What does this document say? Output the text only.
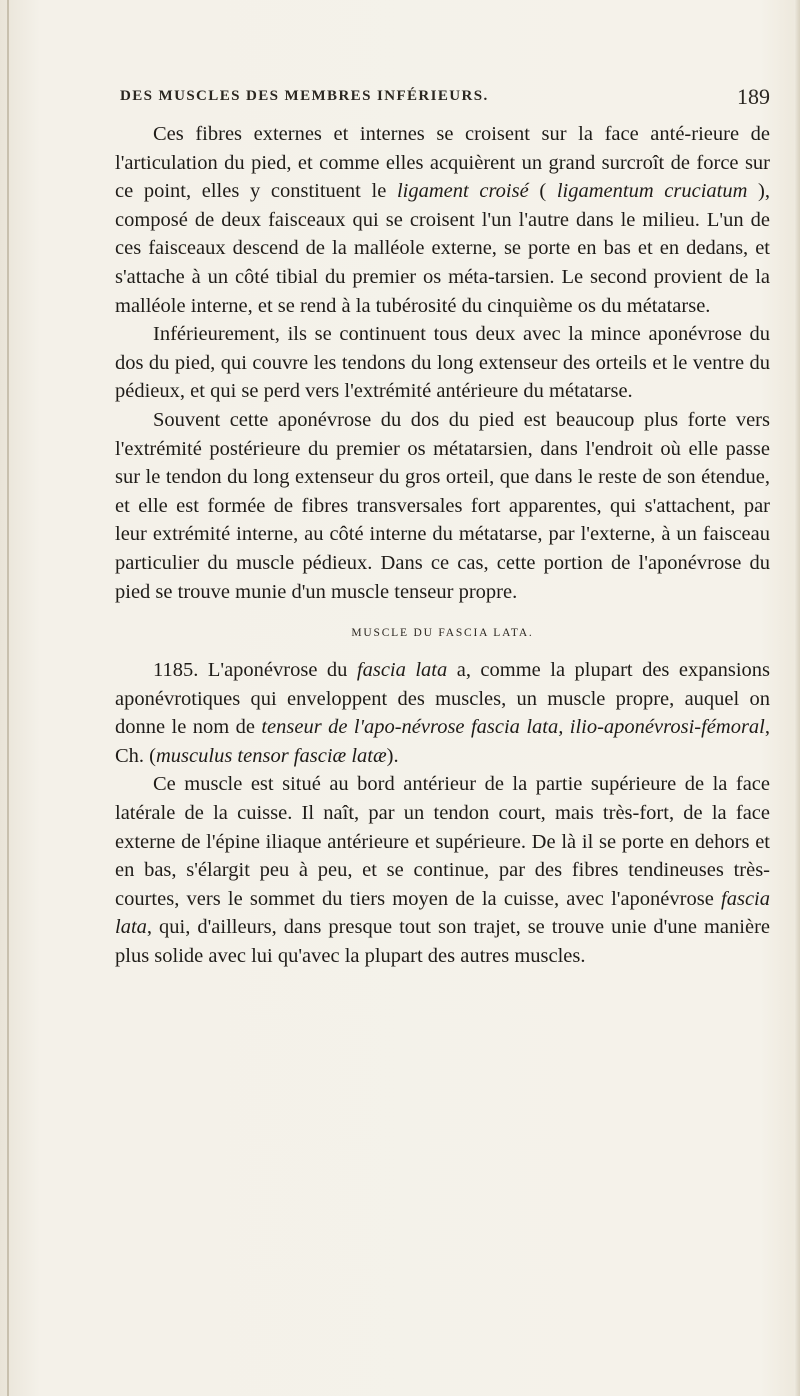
DES MUSCLES DES MEMBRES INFÉRIEURS.	189

Ces fibres externes et internes se croisent sur la face anté-rieure de l'articulation du pied, et comme elles acquièrent un grand surcroît de force sur ce point, elles y constituent le ligament croisé ( ligamentum cruciatum ), composé de deux faisceaux qui se croisent l'un l'autre dans le milieu. L'un de ces faisceaux descend de la malléole externe, se porte en bas et en dedans, et s'attache à un côté tibial du premier os méta-tarsien. Le second provient de la malléole interne, et se rend à la tubérosité du cinquième os du métatarse.

Inférieurement, ils se continuent tous deux avec la mince aponévrose du dos du pied, qui couvre les tendons du long extenseur des orteils et le ventre du pédieux, et qui se perd vers l'extrémité antérieure du métatarse.

Souvent cette aponévrose du dos du pied est beaucoup plus forte vers l'extrémité postérieure du premier os métatarsien, dans l'endroit où elle passe sur le tendon du long extenseur du gros orteil, que dans le reste de son étendue, et elle est formée de fibres transversales fort apparentes, qui s'attachent, par leur extrémité interne, au côté interne du métatarse, par l'externe, à un faisceau particulier du muscle pédieux. Dans ce cas, cette portion de l'aponévrose du pied se trouve munie d'un muscle tenseur propre.

MUSCLE DU FASCIA LATA.

1185. L'aponévrose du fascia lata a, comme la plupart des expansions aponévrotiques qui enveloppent des muscles, un muscle propre, auquel on donne le nom de tenseur de l'apo-névrose fascia lata, ilio-aponévrosi-fémoral, Ch. (musculus tensor fasciæ latæ).

Ce muscle est situé au bord antérieur de la partie supérieure de la face latérale de la cuisse. Il naît, par un tendon court, mais très-fort, de la face externe de l'épine iliaque antérieure et supérieure. De là il se porte en dehors et en bas, s'élargit peu à peu, et se continue, par des fibres tendineuses très-courtes, vers le sommet du tiers moyen de la cuisse, avec l'aponévrose fascia lata, qui, d'ailleurs, dans presque tout son trajet, se trouve unie d'une manière plus solide avec lui qu'avec la plupart des autres muscles.
